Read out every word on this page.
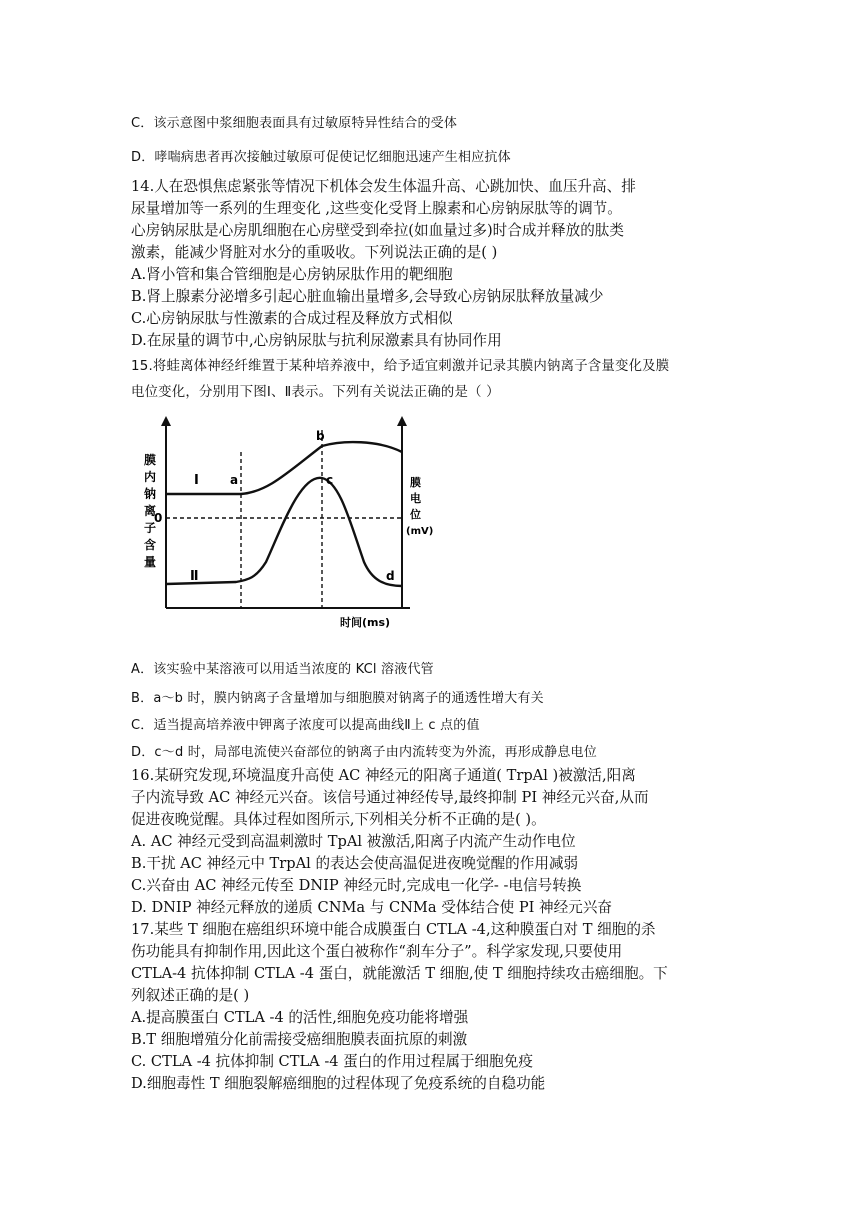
C．该示意图中浆细胞表面具有过敏原特异性结合的受体
D．哮喘病患者再次接触过敏原可促使记忆细胞迅速产生相应抗体
14.人在恐惧焦虑紧张等情况下机体会发生体温升高、心跳加快、血压升高、排
尿量增加等一系列的生理变化 ,这些变化受肾上腺素和心房钠尿肽等的调节。
心房钠尿肽是心房肌细胞在心房壁受到牵拉(如血量过多)时合成并释放的肽类
激素，能减少肾脏对水分的重吸收。下列说法正确的是( )
A.肾小管和集合管细胞是心房钠尿肽作用的靶细胞
B.肾上腺素分泌增多引起心脏血输出量增多,会导致心房钠尿肽释放量减少
C.心房钠尿肽与性激素的合成过程及释放方式相似
D.在尿量的调节中,心房钠尿肽与抗利尿激素具有协同作用
15.将蛙离体神经纤维置于某种培养液中，给予适宜刺激并记录其膜内钠离子含量变化及膜
电位变化，分别用下图Ⅰ、Ⅱ表示。下列有关说法正确的是（ ）
膜
内
钠
离
子
含
量
膜
电
位
(mV)
0
Ⅰ
Ⅱ
a
b
c
d
时间(ms)
A．该实验中某溶液可以用适当浓度的 KCl 溶液代管
B．a～b 时，膜内钠离子含量增加与细胞膜对钠离子的通透性增大有关
C．适当提高培养液中钾离子浓度可以提高曲线Ⅱ上 c 点的值
D．c～d 时，局部电流使兴奋部位的钠离子由内流转变为外流，再形成静息电位
16.某研究发现,环境温度升高使 AC 神经元的阳离子通道( TrpAl )被激活,阳离
子内流导致 AC 神经元兴奋。该信号通过神经传导,最终抑制 PI 神经元兴奋,从而
促进夜晚觉醒。具体过程如图所示,下列相关分析不正确的是( )。
A. AC 神经元受到高温刺激时 TpAl 被激活,阳离子内流产生动作电位
B.干扰 AC 神经元中 TrpAl 的表达会使高温促进夜晚觉醒的作用减弱
C.兴奋由 AC 神经元传至 DNIP 神经元时,完成电一化学- -电信号转换
D. DNIP 神经元释放的递质 CNMa 与 CNMa 受体结合使 PI 神经元兴奋
17.某些 T 细胞在癌组织环境中能合成膜蛋白 CTLA -4,这种膜蛋白对 T 细胞的杀
伤功能具有抑制作用,因此这个蛋白被称作“刹车分子”。科学家发现,只要使用
CTLA-4 抗体抑制 CTLA -4 蛋白，就能激活 T 细胞,使 T 细胞持续攻击癌细胞。下
列叙述正确的是( )
A.提高膜蛋白 CTLA -4 的活性,细胞免疫功能将增强
B.T 细胞增殖分化前需接受癌细胞膜表面抗原的刺激
C. CTLA -4 抗体抑制 CTLA -4 蛋白的作用过程属于细胞免疫
D.细胞毒性 T 细胞裂解癌细胞的过程体现了免疫系统的自稳功能
